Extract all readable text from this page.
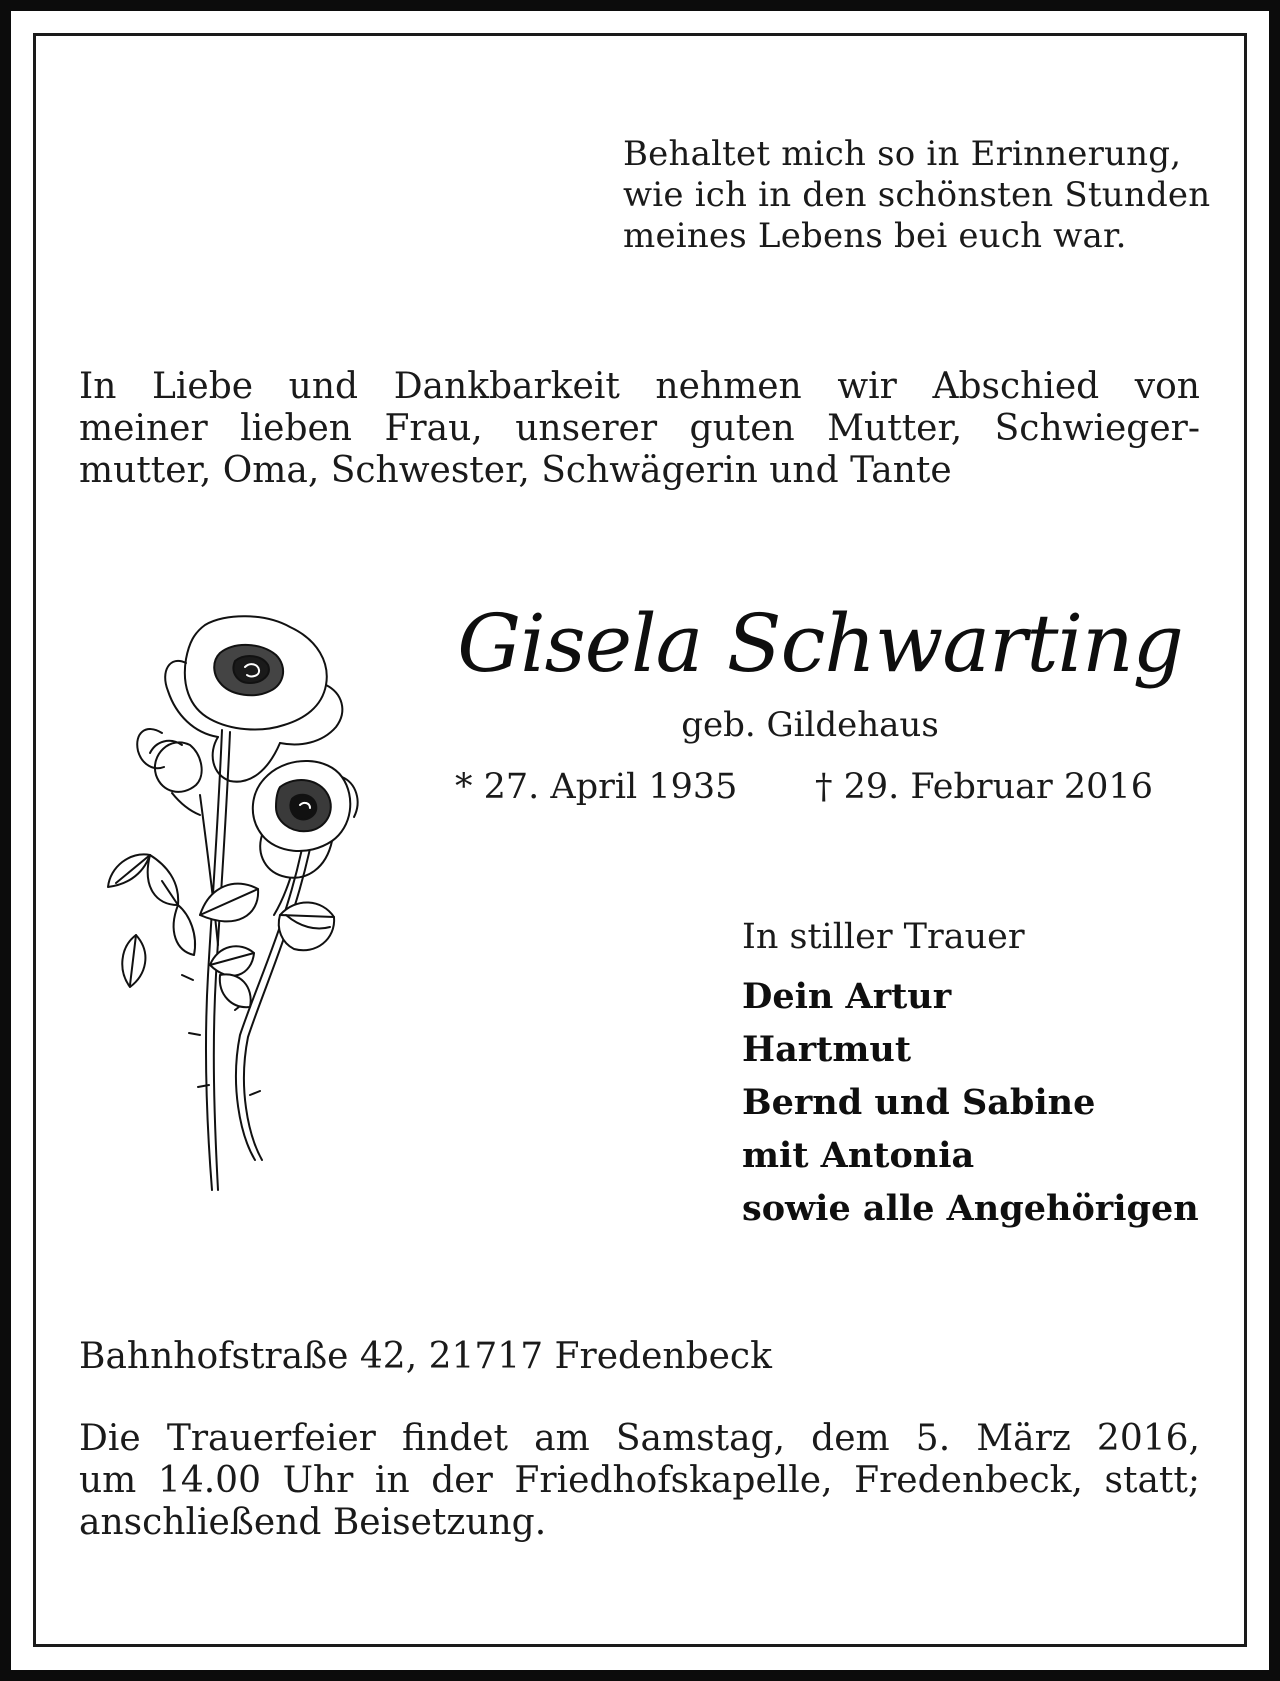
Behaltet mich so in Erinnerung,
wie ich in den schönsten Stunden
meines Lebens bei euch war.
In Liebe und Dankbarkeit nehmen wir Abschied von
meiner lieben Frau, unserer guten Mutter, Schwieger-
mutter, Oma, Schwester, Schwägerin und Tante
Gisela Schwarting
geb. Gildehaus
* 27. April 1935 † 29. Februar 2016
In stiller Trauer
Dein Artur
Hartmut
Bernd und Sabine
mit Antonia
sowie alle Angehörigen
Bahnhofstraße 42, 21717 Fredenbeck
Die Trauerfeier findet am Samstag, dem 5. März 2016,
um 14.00 Uhr in der Friedhofskapelle, Fredenbeck, statt;
anschließend Beisetzung.
